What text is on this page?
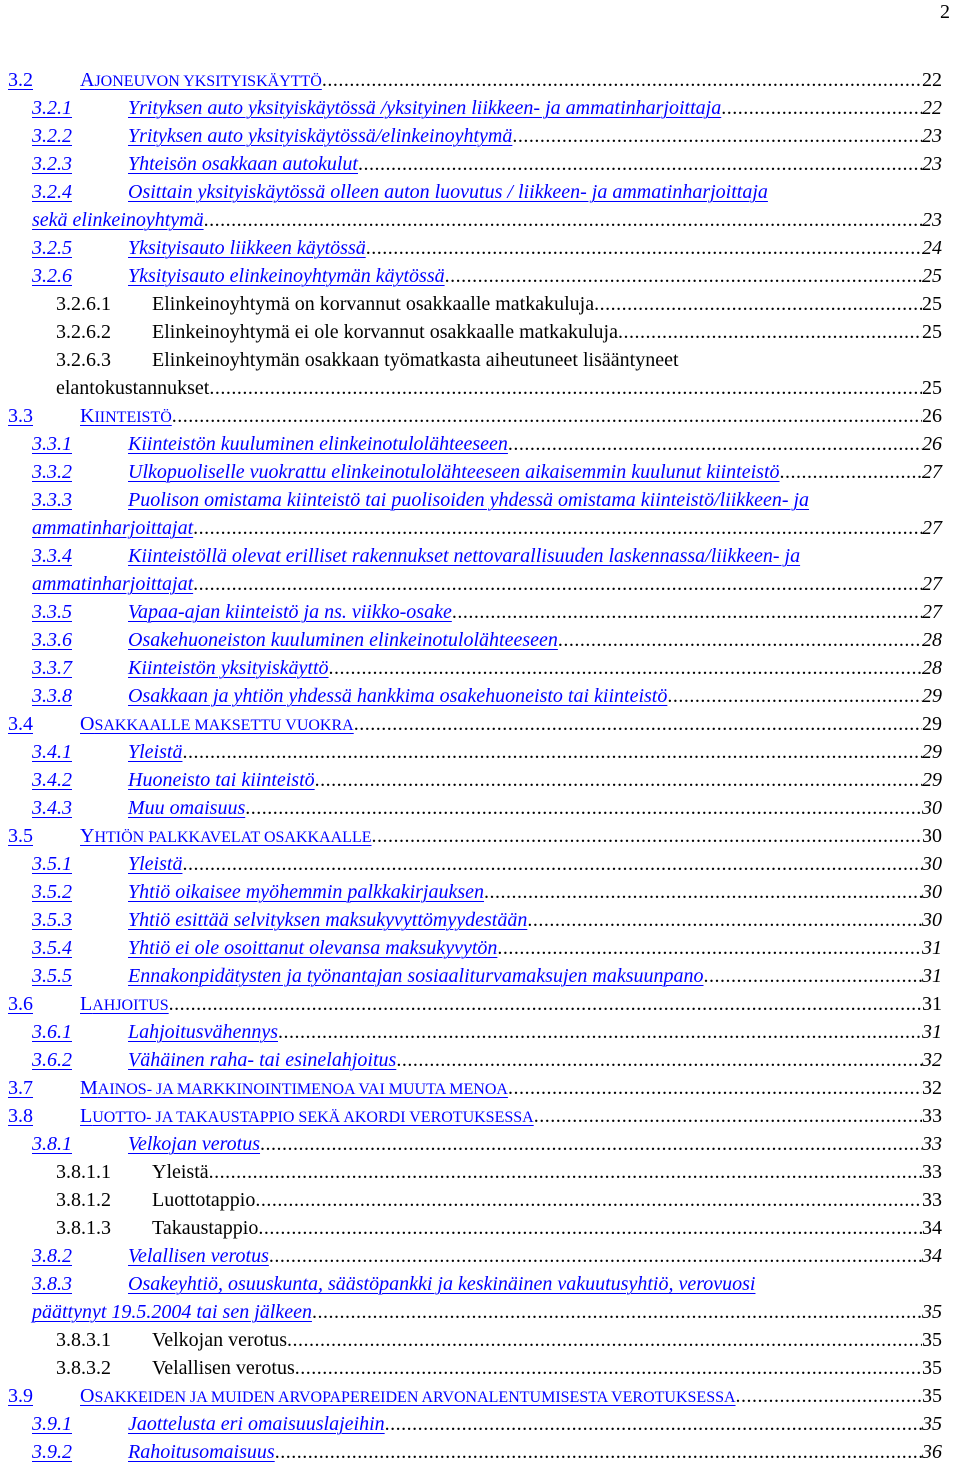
2
3.2	AJONEUVON YKSITYISKÄYTTÖ .....	22
3.2.1	Yrityksen auto yksityiskäytössä /yksityinen liikkeen- ja ammatinharjoittaja .....	22
3.2.2	Yrityksen auto yksityiskäytössä/elinkeinoyhtymä .....	23
3.2.3	Yhteisön osakkaan autokulut .....	23
3.2.4	Osittain yksityiskäytössä olleen auton luovutus / liikkeen- ja ammatinharjoittaja
sekä elinkeinoyhtymä .....	23
3.2.5	Yksityisauto liikkeen käytössä .....	24
3.2.6	Yksityisauto elinkeinoyhtymän käytössä .....	25
3.2.6.1 Elinkeinoyhtymä on korvannut osakkaalle matkakuluja .....	25
3.2.6.2 Elinkeinoyhtymä ei ole korvannut osakkaalle matkakuluja .....	25
3.2.6.3 Elinkeinoyhtymän osakkaan työmatkasta aiheutuneet lisääntyneet
elantokustannukset .....	25
3.3	KIINTEISTÖ .....	26
3.3.1	Kiinteistön kuuluminen elinkeinotulolähteeseen .....	26
3.3.2	Ulkopuoliselle vuokrattu elinkeinotulolähteeseen aikaisemmin kuulunut kiinteistö .....	27
3.3.3	Puolison omistama kiinteistö tai puolisoiden yhdessä omistama kiinteistö/liikkeen- ja
ammatinharjoittajat .....	27
3.3.4	Kiinteistöllä olevat erilliset rakennukset nettovarallisuuden laskennassa/liikkeen- ja
ammatinharjoittajat .....	27
3.3.5	Vapaa-ajan kiinteistö ja ns. viikko-osake .....	27
3.3.6	Osakehuoneiston kuuluminen elinkeinotulolähteeseen .....	28
3.3.7	Kiinteistön yksityiskäyttö .....	28
3.3.8	Osakkaan ja yhtiön yhdessä hankkima osakehuoneisto tai kiinteistö .....	29
3.4	OSAKKAALLE MAKSETTU VUOKRA .....	29
3.4.1	Yleistä .....	29
3.4.2	Huoneisto tai kiinteistö .....	29
3.4.3	Muu omaisuus .....	30
3.5	YHTIÖN PALKKAVELAT OSAKKAALLE .....	30
3.5.1	Yleistä .....	30
3.5.2	Yhtiö oikaisee myöhemmin palkkakirjauksen .....	30
3.5.3	Yhtiö esittää selvityksen maksukyvyttömyydestään .....	30
3.5.4	Yhtiö ei ole osoittanut olevansa maksukyvytön .....	31
3.5.5	Ennakonpidätysten ja työnantajan sosiaaliturvamaksujen maksuunpano .....	31
3.6	LAHJOITUS .....	31
3.6.1	Lahjoitusvähennys .....	31
3.6.2	Vähäinen raha- tai esinelahjoitus .....	32
3.7	MAINOS- JA MARKKINOINTIMENOA VAI MUUTA MENOA .....	32
3.8	LUOTTO- JA TAKAUSTAPPIO SEKÄ AKORDI VEROTUKSESSA .....	33
3.8.1	Velkojan verotus .....	33
3.8.1.1 Yleistä .....	33
3.8.1.2 Luottotappio .....	33
3.8.1.3 Takaustappio .....	34
3.8.2	Velallisen verotus .....	34
3.8.3	Osakeyhtiö, osuuskunta, säästöpankki ja keskinäinen vakuutusyhtiö, verovuosi
päättynyt 19.5.2004 tai sen jälkeen .....	35
3.8.3.1 Velkojan verotus .....	35
3.8.3.2 Velallisen verotus .....	35
3.9	OSAKKEIDEN JA MUIDEN ARVOPAPEREIDEN ARVONALENTUMISESTA VEROTUKSESSA .....	35
3.9.1	Jaottelusta eri omaisuuslajeihin .....	35
3.9.2	Rahoitusomaisuus .....	36
